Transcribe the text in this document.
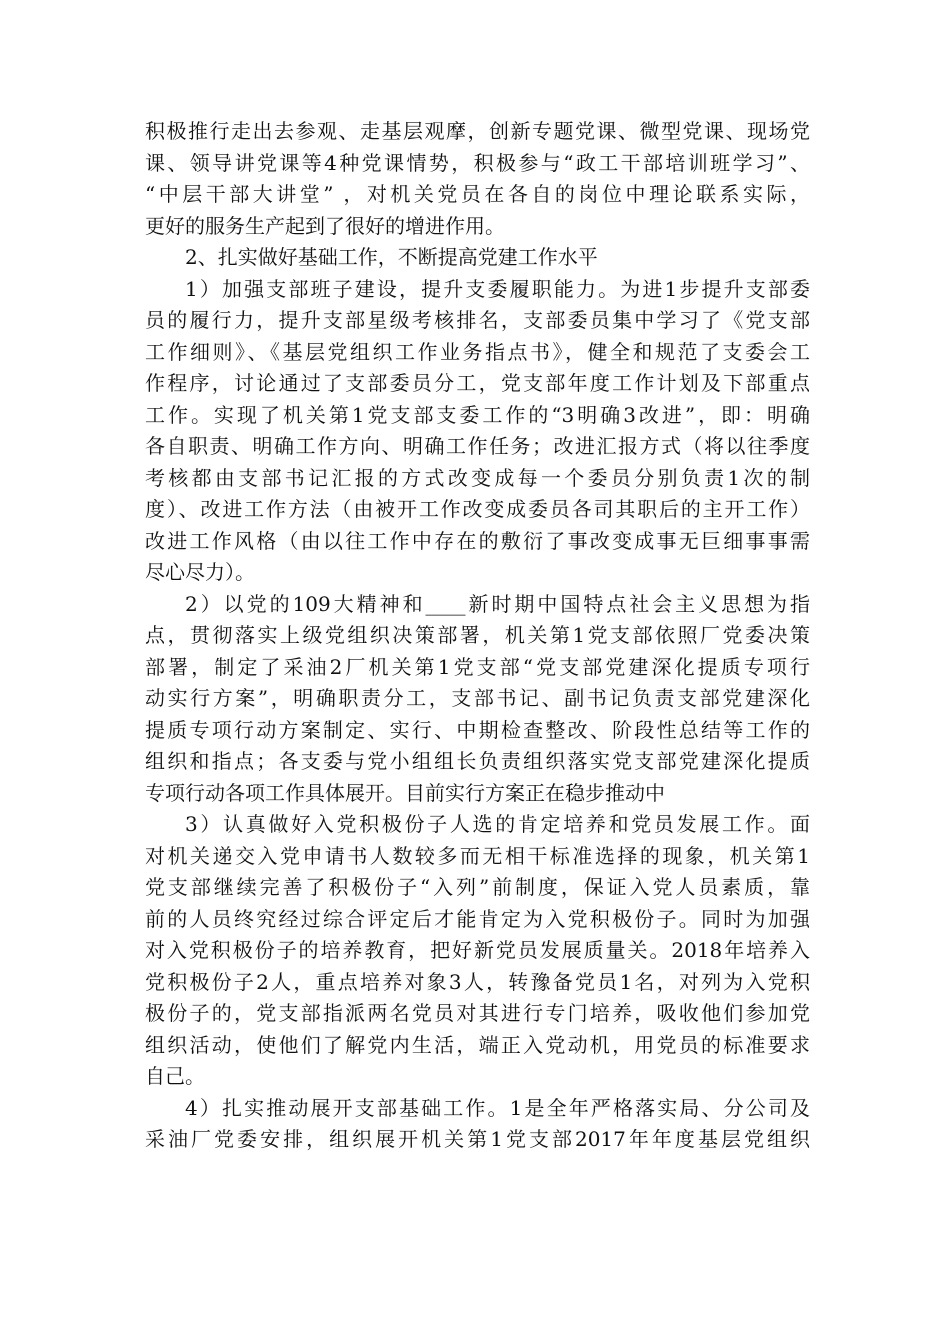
积极推行走出去参观、走基层观摩，创新专题党课、微型党课、现场党
课、领导讲党课等4种党课情势，积极参与“政工干部培训班学习”、
“中层干部大讲堂” ，对机关党员在各自的岗位中理论联系实际，
更好的服务生产起到了很好的增进作用。
2、扎实做好基础工作，不断提高党建工作水平
1）加强支部班子建设，提升支委履职能力。为进1步提升支部委
员的履行力，提升支部星级考核排名，支部委员集中学习了《党支部
工作细则》、《基层党组织工作业务指点书》，健全和规范了支委会工
作程序，讨论通过了支部委员分工，党支部年度工作计划及下部重点
工作。实现了机关第1党支部支委工作的“3明确3改进”，即：明确
各自职责、明确工作方向、明确工作任务；改进汇报方式（将以往季度
考核都由支部书记汇报的方式改变成每一个委员分别负责1次的制
度）、改进工作方法（由被开工作改变成委员各司其职后的主开工作）
改进工作风格（由以往工作中存在的敷衍了事改变成事无巨细事事需
尽心尽力）。
2）以党的109大精神和____新时期中国特点社会主义思想为指
点，贯彻落实上级党组织决策部署，机关第1党支部依照厂党委决策
部署，制定了采油2厂机关第1党支部“党支部党建深化提质专项行
动实行方案”，明确职责分工，支部书记、副书记负责支部党建深化
提质专项行动方案制定、实行、中期检查整改、阶段性总结等工作的
组织和指点；各支委与党小组组长负责组织落实党支部党建深化提质
专项行动各项工作具体展开。目前实行方案正在稳步推动中
3）认真做好入党积极份子人选的肯定培养和党员发展工作。面
对机关递交入党申请书人数较多而无相干标准选择的现象，机关第1
党支部继续完善了积极份子“入列”前制度，保证入党人员素质，靠
前的人员终究经过综合评定后才能肯定为入党积极份子。同时为加强
对入党积极份子的培养教育，把好新党员发展质量关。2018年培养入
党积极份子2人，重点培养对象3人，转豫备党员1名，对列为入党积
极份子的，党支部指派两名党员对其进行专门培养，吸收他们参加党
组织活动，使他们了解党内生活，端正入党动机，用党员的标准要求
自己。
4）扎实推动展开支部基础工作。1是全年严格落实局、分公司及
采油厂党委安排，组织展开机关第1党支部2017年年度基层党组织
